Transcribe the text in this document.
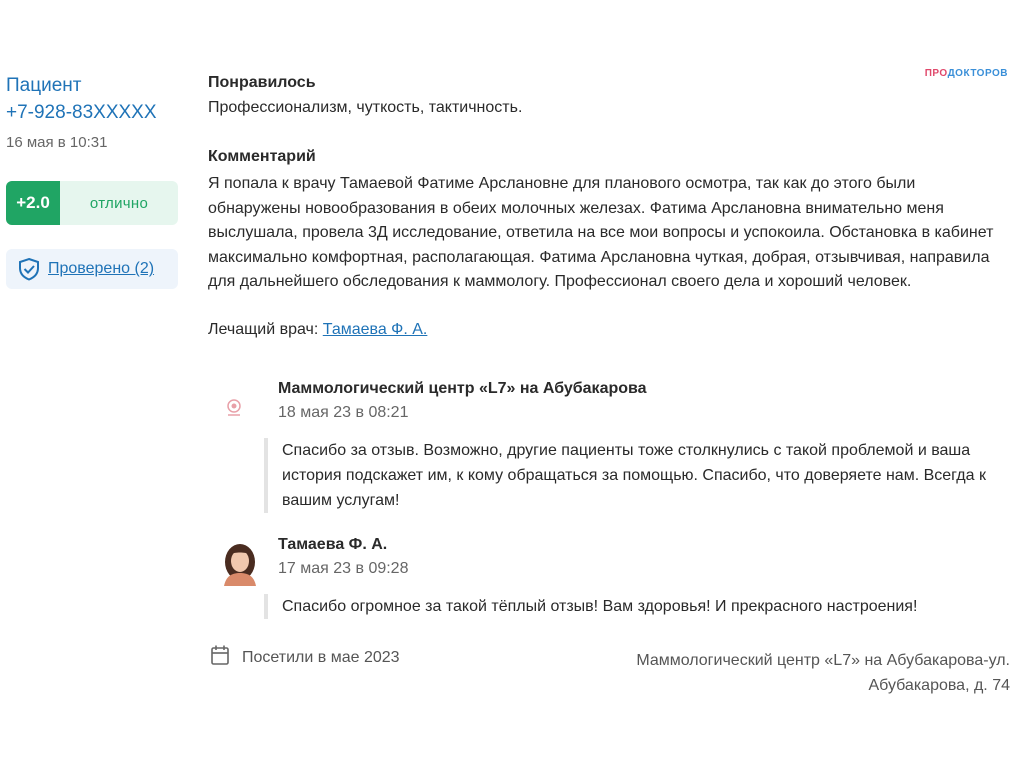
ПРОДОКТОРОВ
Пациент
+7-928-83XXXXX
16 мая в 10:31
+2.0	отлично
Проверено (2)
Понравилось
Профессионализм, чуткость, тактичность.
Комментарий
Я попала к врачу Тамаевой Фатиме Арслановне для планового осмотра, так как до этого были обнаружены новообразования в обеих молочных железах. Фатима Арслановна внимательно меня выслушала, провела 3Д исследование, ответила на все мои вопросы и успокоила. Обстановка в кабинет максимально комфортная, располагающая. Фатима Арслановна чуткая, добрая, отзывчивая, направила для дальнейшего обследования к маммологу. Профессионал своего дела и хороший человек.
Лечащий врач: Тамаева Ф. А.
Маммологический центр «L7» на Абубакарова
18 мая 23 в 08:21
Спасибо за отзыв. Возможно, другие пациенты тоже столкнулись с такой проблемой и ваша история подскажет им, к кому обращаться за помощью. Спасибо, что доверяете нам. Всегда к вашим услугам!
Тамаева Ф. А.
17 мая 23 в 09:28
Спасибо огромное за такой тёплый отзыв! Вам здоровья! И прекрасного настроения!
Посетили в мае 2023	Маммологический центр «L7» на Абубакарова-ул.
Абубакарова, д. 74
